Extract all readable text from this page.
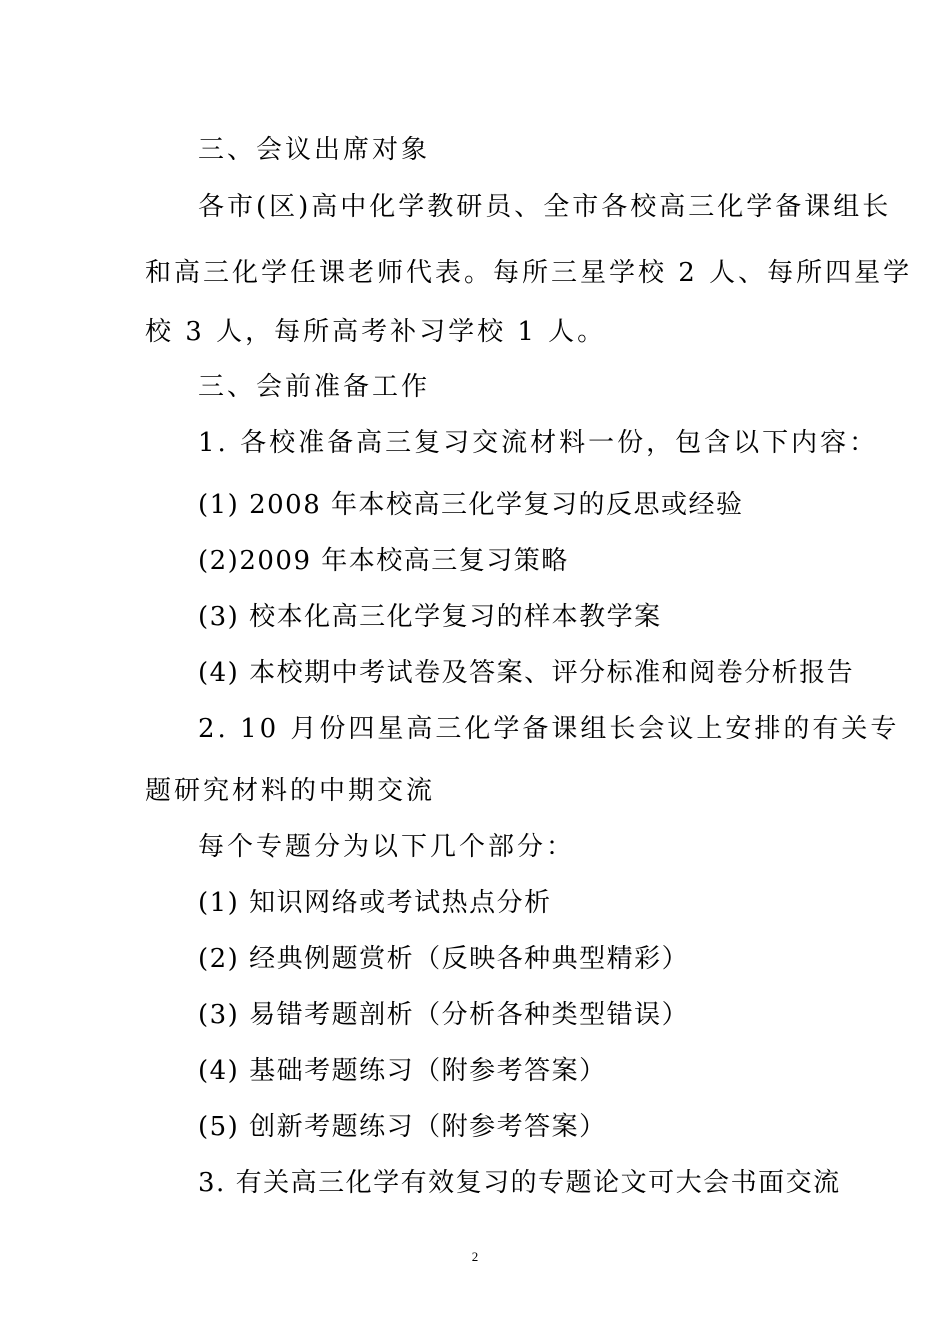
三、会议出席对象
各市(区)高中化学教研员、全市各校高三化学备课组长
和高三化学任课老师代表。每所三星学校 2 人、每所四星学
校 3 人，每所高考补习学校 1 人。
三、会前准备工作
1. 各校准备高三复习交流材料一份，包含以下内容：
(1) 2008 年本校高三化学复习的反思或经验
(2)2009 年本校高三复习策略
(3) 校本化高三化学复习的样本教学案
(4) 本校期中考试卷及答案、评分标准和阅卷分析报告
2. 10 月份四星高三化学备课组长会议上安排的有关专
题研究材料的中期交流
每个专题分为以下几个部分：
(1) 知识网络或考试热点分析
(2) 经典例题赏析（反映各种典型精彩）
(3) 易错考题剖析（分析各种类型错误）
(4) 基础考题练习（附参考答案）
(5) 创新考题练习（附参考答案）
3. 有关高三化学有效复习的专题论文可大会书面交流
2
